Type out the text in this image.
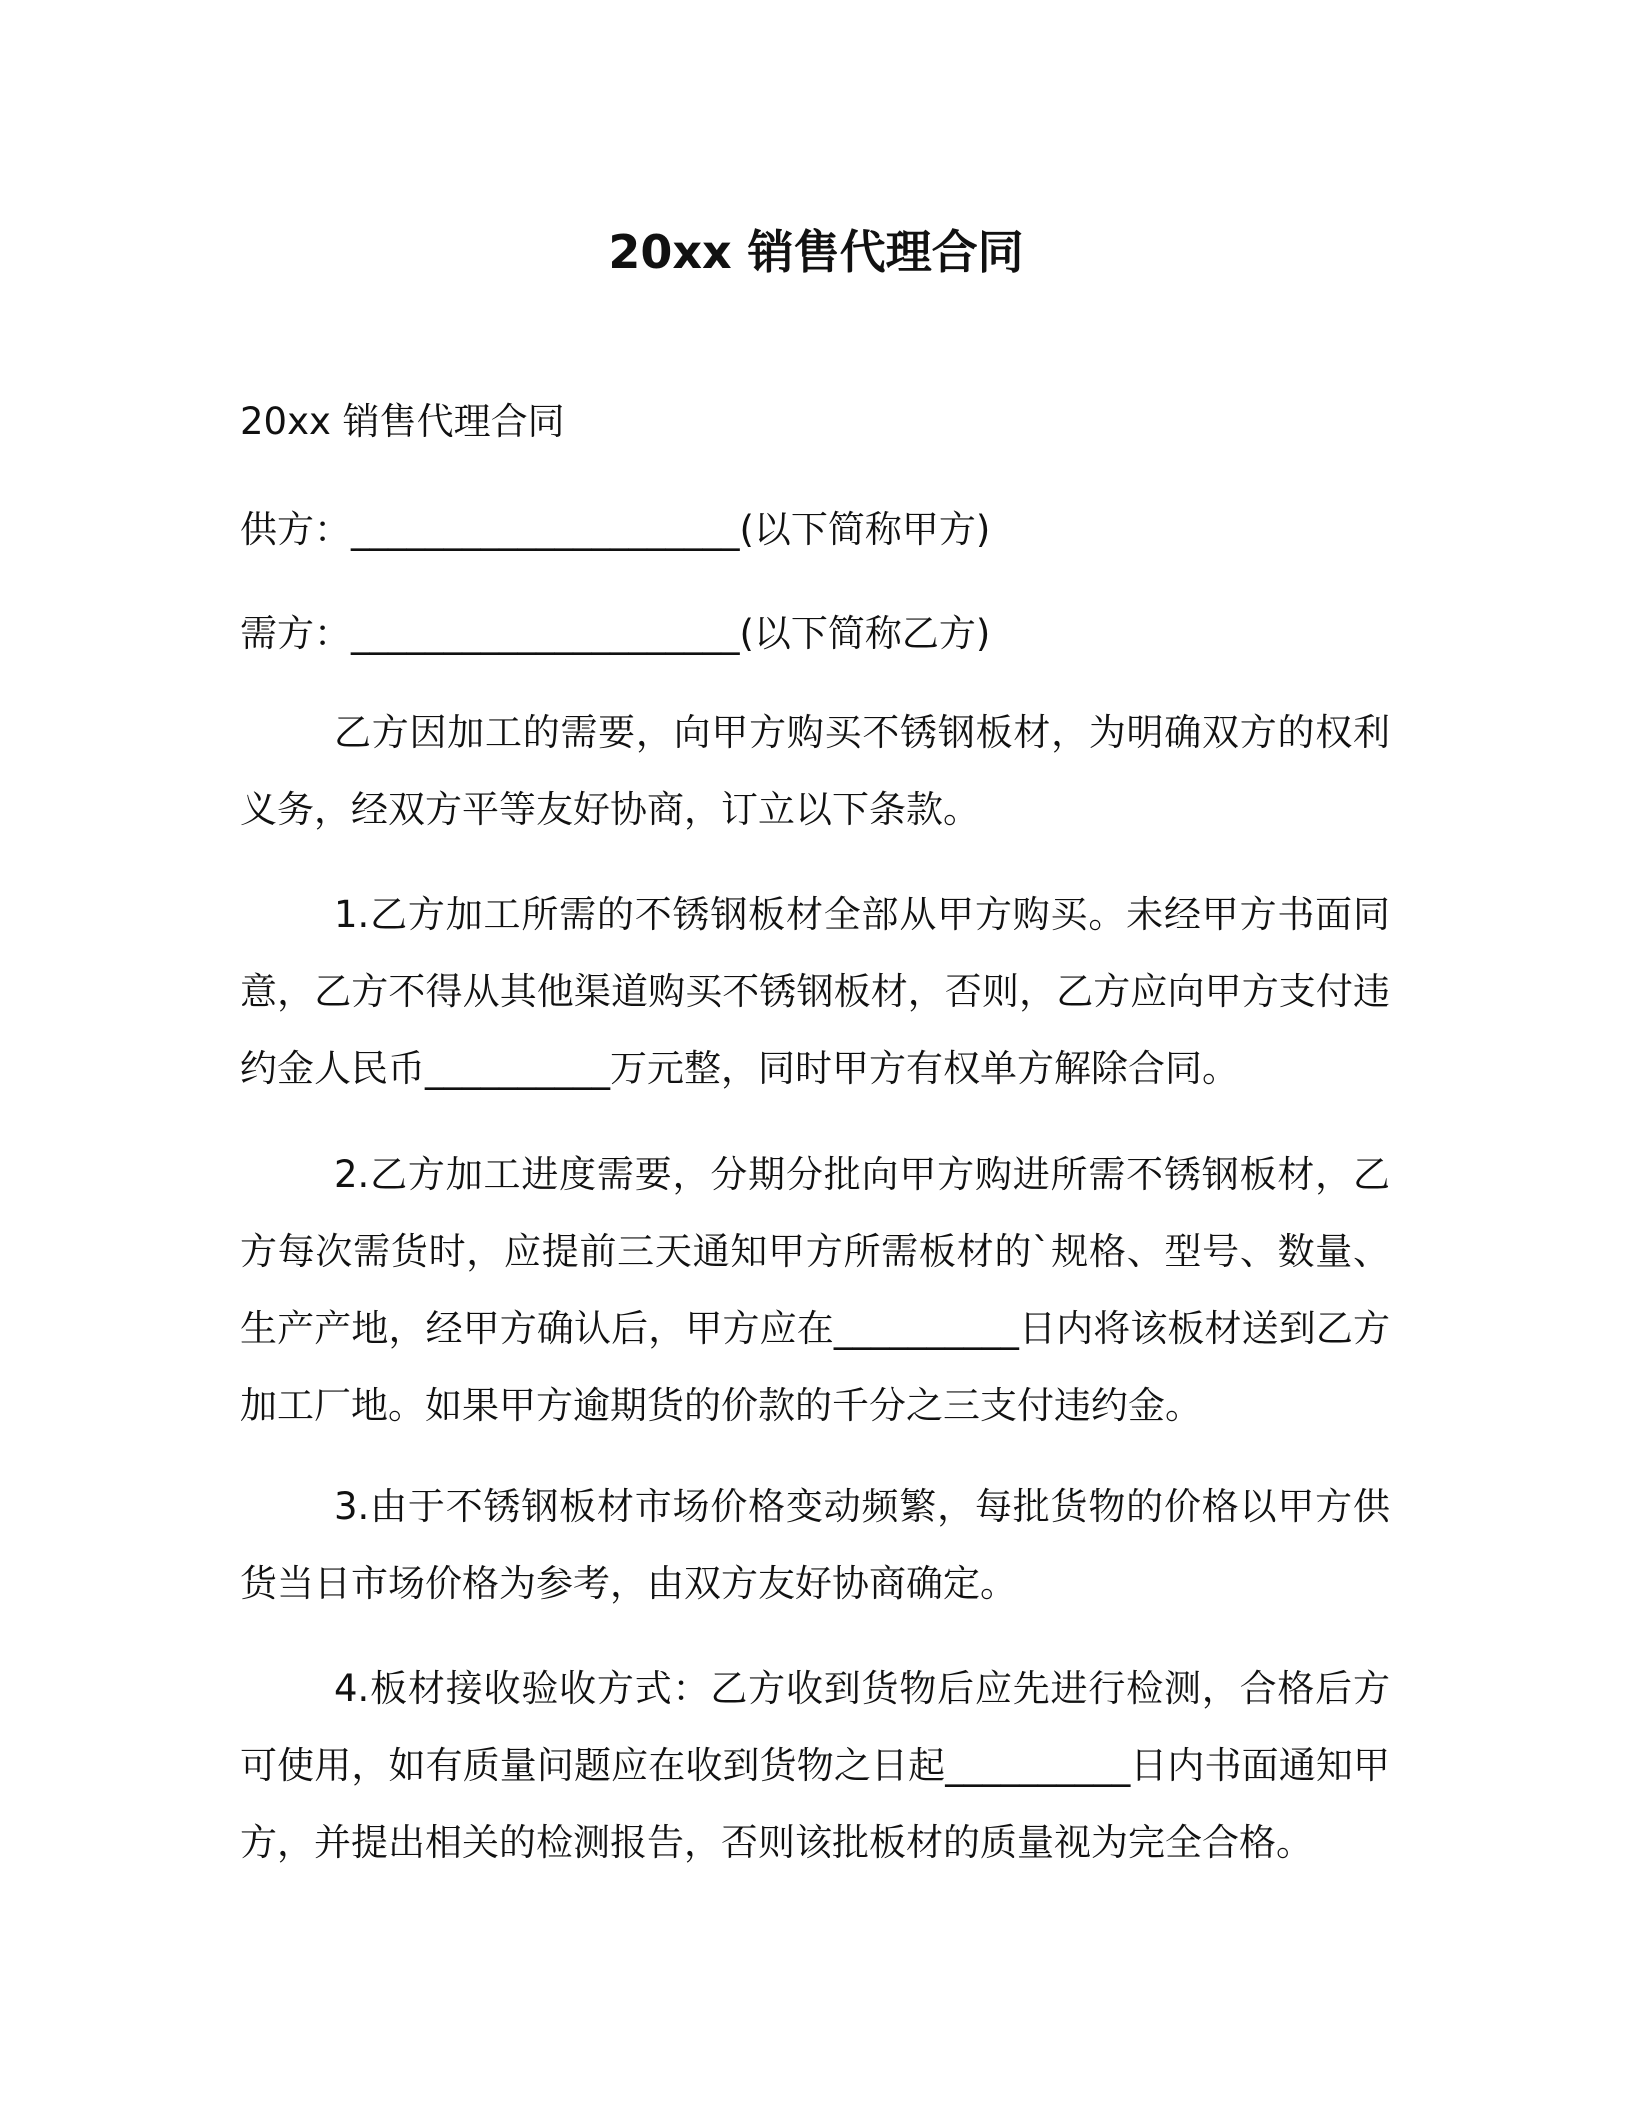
20xx 销售代理合同
20xx 销售代理合同
供方：_____________________(以下简称甲方)
需方：_____________________(以下简称乙方)
乙方因加工的需要，向甲方购买不锈钢板材，为明确双方的权利义务，经双方平等友好协商，订立以下条款。
1.乙方加工所需的不锈钢板材全部从甲方购买。未经甲方书面同意，乙方不得从其他渠道购买不锈钢板材，否则，乙方应向甲方支付违约金人民币__________万元整，同时甲方有权单方解除合同。
2.乙方加工进度需要，分期分批向甲方购进所需不锈钢板材，乙方每次需货时，应提前三天通知甲方所需板材的`规格、型号、数量、生产产地，经甲方确认后，甲方应在__________日内将该板材送到乙方加工厂地。如果甲方逾期货的价款的千分之三支付违约金。
3.由于不锈钢板材市场价格变动频繁，每批货物的价格以甲方供货当日市场价格为参考，由双方友好协商确定。
4.板材接收验收方式：乙方收到货物后应先进行检测，合格后方可使用，如有质量问题应在收到货物之日起__________日内书面通知甲方，并提出相关的检测报告，否则该批板材的质量视为完全合格。
